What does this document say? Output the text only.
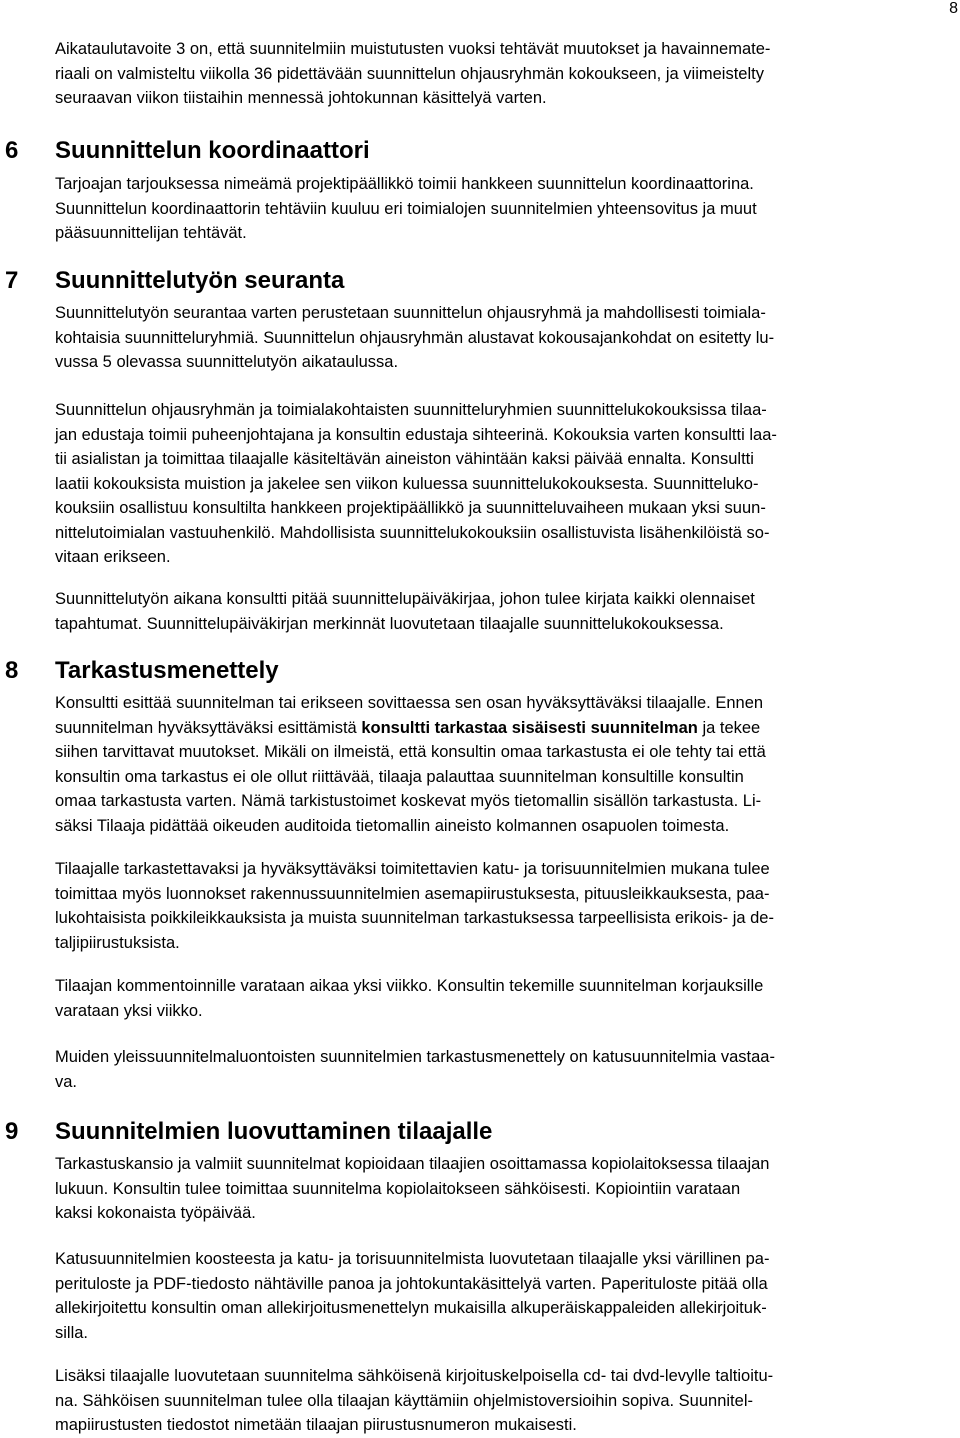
8

Aikataulutavoite 3 on, että suunnitelmiin muistutusten vuoksi tehtävät muutokset ja havainnemate-
riaali on valmisteltu viikolla 36 pidettävään suunnittelun ohjausryhmän kokoukseen, ja viimeistelty
seuraavan viikon tiistaihin mennessä johtokunnan käsittelyä varten.

6 Suunnittelun koordinaattori

Tarjoajan tarjouksessa nimeämä projektipäällikkö toimii hankkeen suunnittelun koordinaattorina.
Suunnittelun koordinaattorin tehtäviin kuuluu eri toimialojen suunnitelmien yhteensovitus ja muut
pääsuunnittelijan tehtävät.

7 Suunnittelutyön seuranta

Suunnittelutyön seurantaa varten perustetaan suunnittelun ohjausryhmä ja mahdollisesti toimiala-
kohtaisia suunnitteluryhmiä. Suunnittelun ohjausryhmän alustavat kokousajankohdat on esitetty lu-
vussa 5 olevassa suunnittelutyön aikataulussa.

Suunnittelun ohjausryhmän ja toimialakohtaisten suunnitteluryhmien suunnittelukokouksissa tilaa-
jan edustaja toimii puheenjohtajana ja konsultin edustaja sihteerinä. Kokouksia varten konsultti laa-
tii asialistan ja toimittaa tilaajalle käsiteltävän aineiston vähintään kaksi päivää ennalta. Konsultti
laatii kokouksista muistion ja jakelee sen viikon kuluessa suunnittelukokouksesta. Suunnitteluko-
kouksiin osallistuu konsultilta hankkeen projektipäällikkö ja suunnitteluvaiheen mukaan yksi suun-
nittelutoimialan vastuuhenkilö. Mahdollisista suunnittelukokouksiin osallistuvista lisähenkilöistä so-
vitaan erikseen.

Suunnittelutyön aikana konsultti pitää suunnittelupäiväkirjaa, johon tulee kirjata kaikki olennaiset
tapahtumat. Suunnittelupäiväkirjan merkinnät luovutetaan tilaajalle suunnittelukokouksessa.

8 Tarkastusmenettely

Konsultti esittää suunnitelman tai erikseen sovittaessa sen osan hyväksyttäväksi tilaajalle. Ennen
suunnitelman hyväksyttäväksi esittämistä konsultti tarkastaa sisäisesti suunnitelman ja tekee
siihen tarvittavat muutokset. Mikäli on ilmeistä, että konsultin omaa tarkastusta ei ole tehty tai että
konsultin oma tarkastus ei ole ollut riittävää, tilaaja palauttaa suunnitelman konsultille konsultin
omaa tarkastusta varten. Nämä tarkistustoimet koskevat myös tietomallin sisällön tarkastusta. Li-
säksi Tilaaja pidättää oikeuden auditoida tietomallin aineisto kolmannen osapuolen toimesta.

Tilaajalle tarkastettavaksi ja hyväksyttäväksi toimitettavien katu- ja torisuunnitelmien mukana tulee
toimittaa myös luonnokset rakennussuunnitelmien asemapiirustuksesta, pituusleikkauksesta, paa-
lukohtaisista poikkileikkauksista ja muista suunnitelman tarkastuksessa tarpeellisista erikois- ja de-
taljipiirustuksista.

Tilaajan kommentoinnille varataan aikaa yksi viikko. Konsultin tekemille suunnitelman korjauksille
varataan yksi viikko.

Muiden yleissuunnitelmaluontoisten suunnitelmien tarkastusmenettely on katusuunnitelmia vastaa-
va.

9 Suunnitelmien luovuttaminen tilaajalle

Tarkastuskansio ja valmiit suunnitelmat kopioidaan tilaajien osoittamassa kopiolaitoksessa tilaajan
lukuun. Konsultin tulee toimittaa suunnitelma kopiolaitokseen sähköisesti. Kopiointiin varataan
kaksi kokonaista työpäivää.

Katusuunnitelmien koosteesta ja katu- ja torisuunnitelmista luovutetaan tilaajalle yksi värillinen pa-
perituloste ja PDF-tiedosto nähtäville panoa ja johtokuntakäsittelyä varten. Paperituloste pitää olla
allekirjoitettu konsultin oman allekirjoitusmenettelyn mukaisilla alkuperäiskappaleiden allekirjoituk-
silla.

Lisäksi tilaajalle luovutetaan suunnitelma sähköisenä kirjoituskelpoisella cd- tai dvd-levylle taltioitu-
na. Sähköisen suunnitelman tulee olla tilaajan käyttämiin ohjelmistoversioihin sopiva. Suunnitel-
mapiirustusten tiedostot nimetään tilaajan piirustusnumeron mukaisesti.
